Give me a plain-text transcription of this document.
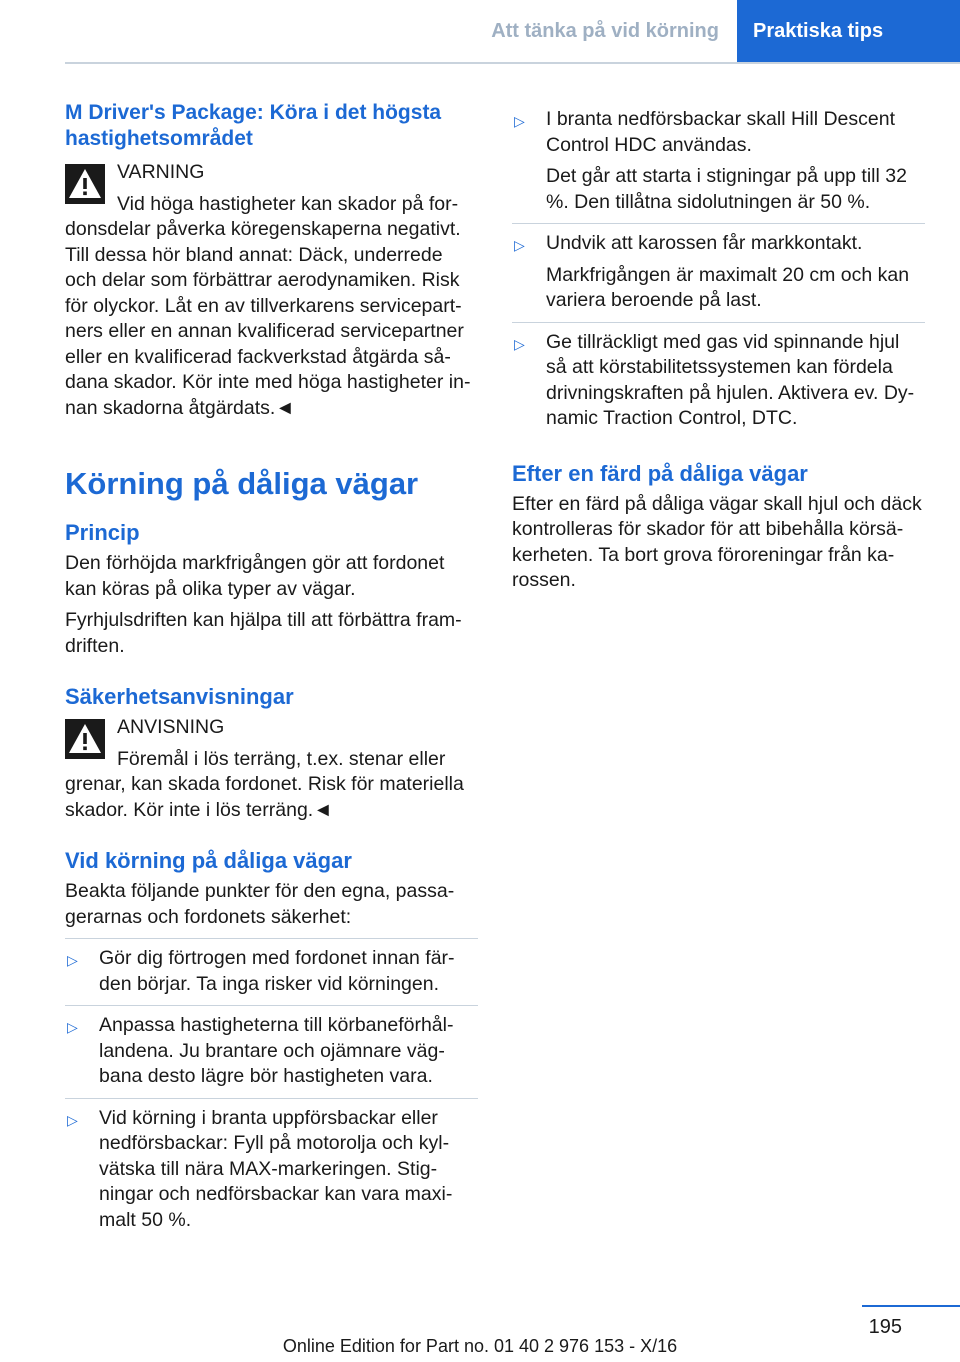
Att tänka på vid körning	Praktiska tips
M Driver's Package: Köra i det högsta hastighetsområdet
VARNING
Vid höga hastigheter kan skador på fordonsdelar påverka köregenskaperna negativt. Till dessa hör bland annat: Däck, underrede och delar som förbättrar aerodynamiken. Risk för olyckor. Låt en av tillverkarens servicepartners eller en annan kvalificerad servicepartner eller en kvalificerad fackverkstad åtgärda sådana skador. Kör inte med höga hastigheter innan skadorna åtgärdats.◄
Körning på dåliga vägar
Princip

Den förhöjda markfrigången gör att fordonet kan köras på olika typer av vägar.

Fyrhjulsdriften kan hjälpa till att förbättra framdriften.

Säkerhetsanvisningar
ANVISNING
Föremål i lös terräng, t.ex. stenar eller grenar, kan skada fordonet. Risk för materiella skador. Kör inte i lös terräng.◄
Vid körning på dåliga vägar

Beakta följande punkter för den egna, passagerarnas och fordonets säkerhet:

▷ Gör dig förtrogen med fordonet innan färden börjar. Ta inga risker vid körningen.
▷ Anpassa hastigheterna till körbaneförhållandena. Ju brantare och ojämnare vägbana desto lägre bör hastigheten vara.
▷ Vid körning i branta uppförsbackar eller nedförsbackar: Fyll på motorolja och kylvätska till nära MAX-markeringen. Stigningar och nedförsbackar kan vara maximalt 50 %.
▷ I branta nedförsbackar skall Hill Descent Control HDC användas.
Det går att starta i stigningar på upp till 32 %. Den tillåtna sidolutningen är 50 %.
▷ Undvik att karossen får markkontakt.
Markfrigången är maximalt 20 cm och kan variera beroende på last.
▷ Ge tillräckligt med gas vid spinnande hjul så att körstabilitetssystemen kan fördela drivningskraften på hjulen. Aktivera ev. Dynamic Traction Control, DTC.
Efter en färd på dåliga vägar

Efter en färd på dåliga vägar skall hjul och däck kontrolleras för skador för att bibehålla körsäkerheten. Ta bort grova föroreningar från karossen.

195
Online Edition for Part no. 01 40 2 976 153 - X/16
